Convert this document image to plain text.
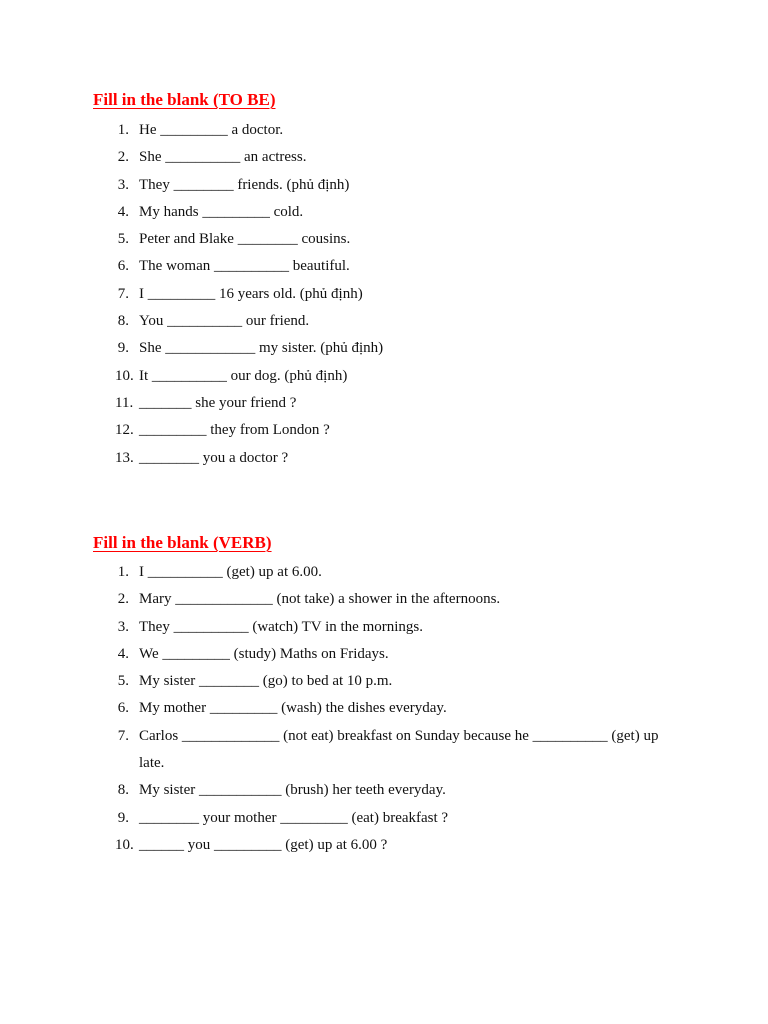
Fill in the blank (TO BE)
1. He _________ a doctor.
2. She __________ an actress.
3. They ________ friends. (phủ định)
4. My hands _________ cold.
5. Peter and Blake ________ cousins.
6. The woman __________ beautiful.
7. I _________ 16 years old. (phủ định)
8. You __________ our friend.
9. She ____________ my sister. (phủ định)
10. It __________ our dog. (phủ định)
11. _______ she your friend ?
12. _________ they from London ?
13. ________ you a doctor ?
Fill in the blank (VERB)
1. I __________ (get) up at 6.00.
2. Mary _____________ (not take) a shower in the afternoons.
3. They __________ (watch) TV in the mornings.
4. We _________ (study) Maths on Fridays.
5. My sister ________ (go) to bed at 10 p.m.
6. My mother _________ (wash) the dishes everyday.
7. Carlos _____________ (not eat) breakfast on Sunday because he __________ (get) up late.
8. My sister ___________ (brush) her teeth everyday.
9. ________ your mother _________ (eat) breakfast ?
10. ______ you _________ (get) up at 6.00 ?
